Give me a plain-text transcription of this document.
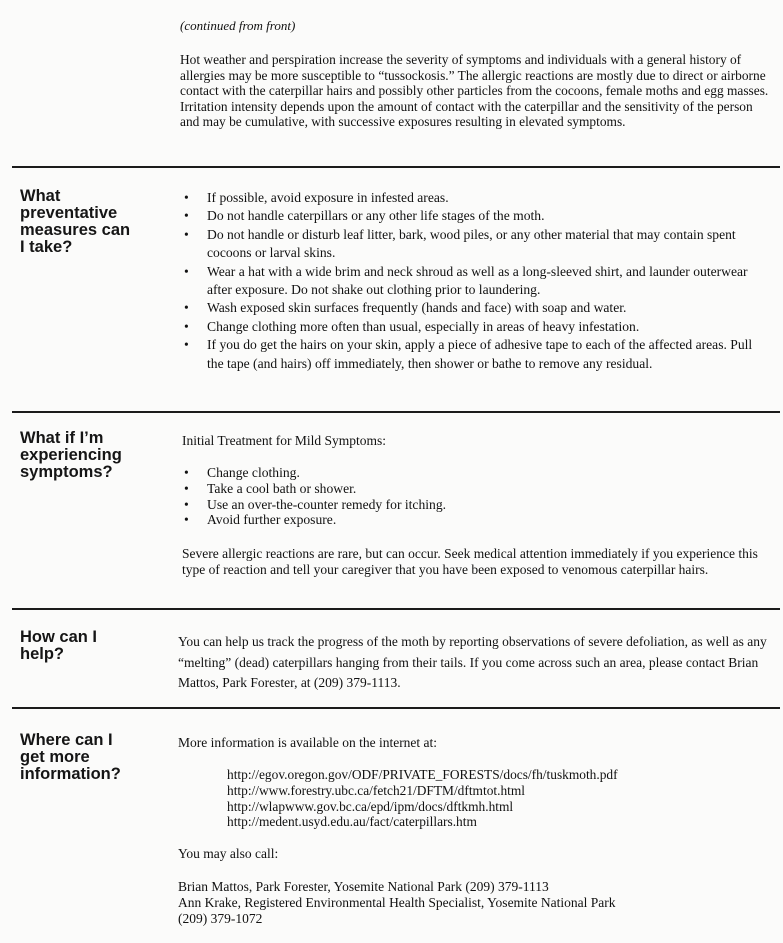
(continued from front)
Hot weather and perspiration increase the severity of symptoms and individuals with a general history of allergies may be more susceptible to “tussockosis.” The allergic reactions are mostly due to direct or airborne contact with the caterpillar hairs and possibly other particles from the cocoons, female moths and egg masses. Irritation intensity depends upon the amount of contact with the caterpillar and the sensitivity of the person and may be cumulative, with successive exposures resulting in elevated symptoms.
What
preventative
measures can
I take?
• If possible, avoid exposure in infested areas.
• Do not handle caterpillars or any other life stages of the moth.
• Do not handle or disturb leaf litter, bark, wood piles, or any other material that may contain spent cocoons or larval skins.
• Wear a hat with a wide brim and neck shroud as well as a long-sleeved shirt, and launder outerwear after exposure. Do not shake out clothing prior to laundering.
• Wash exposed skin surfaces frequently (hands and face) with soap and water.
• Change clothing more often than usual, especially in areas of heavy infestation.
• If you do get the hairs on your skin, apply a piece of adhesive tape to each of the affected areas. Pull the tape (and hairs) off immediately, then shower or bathe to remove any residual.
What if I’m
experiencing
symptoms?
Initial Treatment for Mild Symptoms:
• Change clothing.
• Take a cool bath or shower.
• Use an over-the-counter remedy for itching.
• Avoid further exposure.
Severe allergic reactions are rare, but can occur. Seek medical attention immediately if you experience this type of reaction and tell your caregiver that you have been exposed to venomous caterpillar hairs.
How can I
help?
You can help us track the progress of the moth by reporting observations of severe defoliation, as well as any “melting” (dead) caterpillars hanging from their tails. If you come across such an area, please contact Brian Mattos, Park Forester, at (209) 379-1113.
Where can I
get more
information?
More information is available on the internet at:
http://egov.oregon.gov/ODF/PRIVATE_FORESTS/docs/fh/tuskmoth.pdf
http://www.forestry.ubc.ca/fetch21/DFTM/dftmtot.html
http://wlapwww.gov.bc.ca/epd/ipm/docs/dftkmh.html
http://medent.usyd.edu.au/fact/caterpillars.htm
You may also call:
Brian Mattos, Park Forester, Yosemite National Park (209) 379-1113
Ann Krake, Registered Environmental Health Specialist, Yosemite National Park
(209) 379-1072
